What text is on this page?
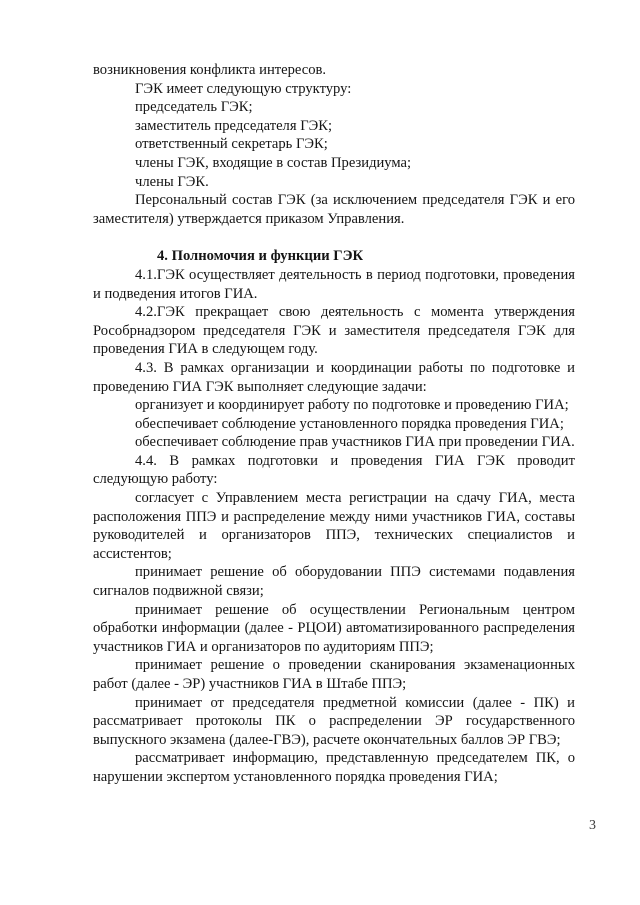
возникновения конфликта интересов.

ГЭК имеет следующую структуру:

председатель ГЭК;

заместитель председателя ГЭК;

ответственный секретарь ГЭК;

члены ГЭК, входящие в состав Президиума;

члены ГЭК.

Персональный состав ГЭК (за исключением председателя ГЭК и его заместителя) утверждается приказом Управления.

4. Полномочия и функции ГЭК

4.1.ГЭК осуществляет деятельность в период подготовки, проведения и подведения итогов ГИА.

4.2.ГЭК прекращает свою деятельность с момента утверждения Рособрнадзором председателя ГЭК и заместителя председателя ГЭК для проведения ГИА в следующем году.

4.3. В рамках организации и координации работы по подготовке и проведению ГИА ГЭК выполняет следующие задачи:

организует и координирует работу по подготовке и проведению ГИА;

обеспечивает соблюдение установленного порядка проведения ГИА;

обеспечивает соблюдение прав участников ГИА при проведении ГИА.

4.4. В рамках подготовки и проведения ГИА ГЭК проводит следующую работу:

согласует с Управлением места регистрации на сдачу ГИА, места расположения ППЭ и распределение между ними участников ГИА, составы руководителей и организаторов ППЭ, технических специалистов и ассистентов;

принимает решение об оборудовании ППЭ системами подавления сигналов подвижной связи;

принимает решение об осуществлении Региональным центром обработки информации (далее - РЦОИ) автоматизированного распределения участников ГИА и организаторов по аудиториям ППЭ;

принимает решение о проведении сканирования экзаменационных работ (далее - ЭР) участников ГИА в Штабе ППЭ;

принимает от председателя предметной комиссии (далее - ПК) и рассматривает протоколы ПК о распределении ЭР государственного выпускного экзамена (далее-ГВЭ), расчете окончательных баллов ЭР ГВЭ;

рассматривает информацию, представленную председателем ПК, о нарушении экспертом установленного порядка проведения ГИА;

3
